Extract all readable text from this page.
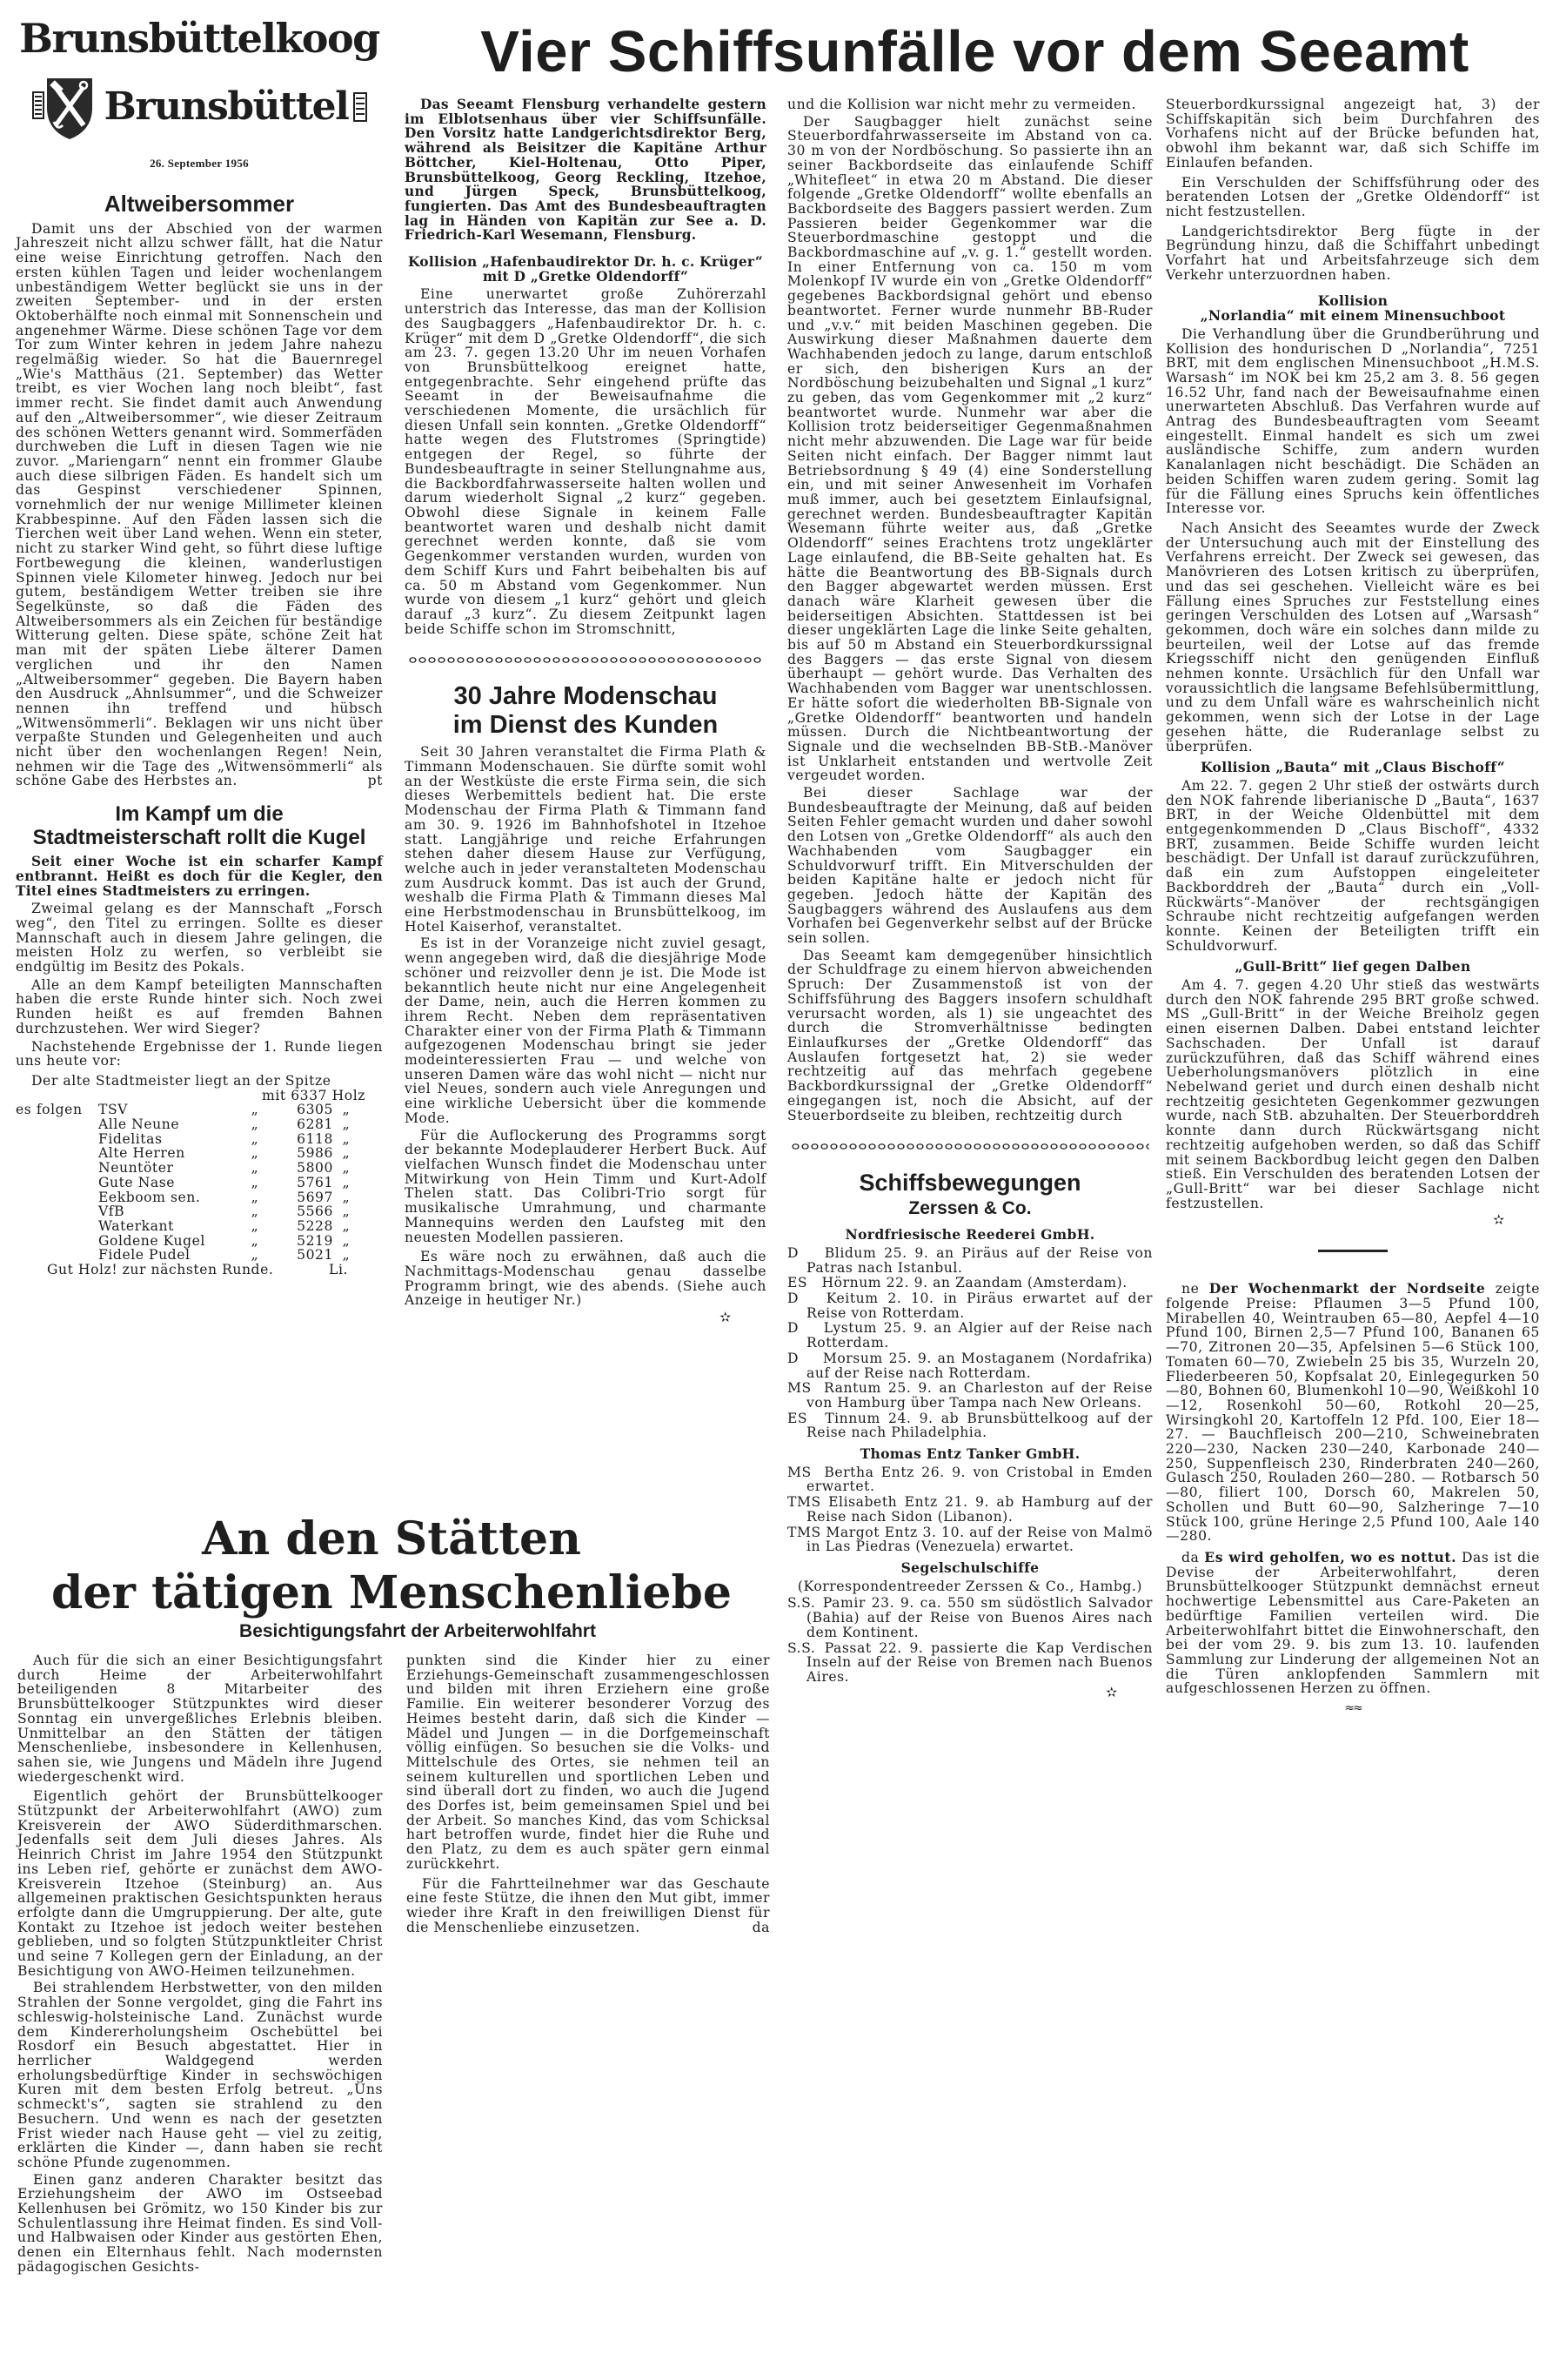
Vier Schiffsunfälle vor dem Seeamt
Brunsbüttelkoog
Brunsbüttel
26. September 1956
Altweibersommer

Damit uns der Abschied von der warmen Jahreszeit nicht allzu schwer fällt, hat die Natur eine weise Einrichtung getroffen. Nach den ersten kühlen Tagen und leider wochenlangem unbeständigem Wetter beglückt sie uns in der zweiten September- und in der ersten Oktoberhälfte noch einmal mit Sonnenschein und angenehmer Wärme. Diese schönen Tage vor dem Tor zum Winter kehren in jedem Jahre nahezu regelmäßig wieder. So hat die Bauernregel „Wie's Matthäus (21. September) das Wetter treibt, es vier Wochen lang noch bleibt“, fast immer recht. Sie findet damit auch Anwendung auf den „Altweibersommer“, wie dieser Zeitraum des schönen Wetters genannt wird. Sommerfäden durchweben die Luft in diesen Tagen wie nie zuvor. „Mariengarn“ nennt ein frommer Glaube auch diese silbrigen Fäden. Es handelt sich um das Gespinst verschiedener Spinnen, vornehmlich der nur wenige Millimeter kleinen Krabbespinne. Auf den Fäden lassen sich die Tierchen weit über Land wehen. Wenn ein steter, nicht zu starker Wind geht, so führt diese luftige Fortbewegung die kleinen, wanderlustigen Spinnen viele Kilometer hinweg. Jedoch nur bei gutem, beständigem Wetter treiben sie ihre Segelkünste, so daß die Fäden des Altweibersommers als ein Zeichen für beständige Witterung gelten. Diese späte, schöne Zeit hat man mit der späten Liebe älterer Damen verglichen und ihr den Namen „Altweibersommer“ gegeben. Die Bayern haben den Ausdruck „Ahnlsummer“, und die Schweizer nennen ihn treffend und hübsch „Witwensömmerli“. Beklagen wir uns nicht über verpaßte Stunden und Gelegenheiten und auch nicht über den wochenlangen Regen! Nein, nehmen wir die Tage des „Witwensömmerli“ als schöne Gabe des Herbstes an.	pt

Im Kampf um die Stadtmeisterschaft rollt die Kugel

Seit einer Woche ist ein scharfer Kampf entbrannt. Heißt es doch für die Kegler, den Titel eines Stadtmeisters zu erringen.

Zweimal gelang es der Mannschaft „Forsch weg“, den Titel zu erringen. Sollte es dieser Mannschaft auch in diesem Jahre gelingen, die meisten Holz zu werfen, so verbleibt sie endgültig im Besitz des Pokals.

Alle an dem Kampf beteiligten Mannschaften haben die erste Runde hinter sich. Noch zwei Runden heißt es auf fremden Bahnen durchzustehen. Wer wird Sieger?

Nachstehende Ergebnisse der 1. Runde liegen uns heute vor:

Der alte Stadtmeister liegt an der Spitze
mit 6337 Holz
es folgen	TSV	„	6305 „
Alle Neune	„	6281 „
Fidelitas	„	6118 „
Alte Herren	„	5986 „
Neuntöter	„	5800 „
Gute Nase	„	5761 „
Eekboom sen.	„	5697 „
VfB	„	5566 „
Waterkant	„	5228 „
Goldene Kugel	„	5219 „
Fidele Pudel	„	5021 „
Gut Holz! zur nächsten Runde.	Li.

Das Seeamt Flensburg verhandelte gestern im Elblotsenhaus über vier Schiffsunfälle. Den Vorsitz hatte Landgerichtsdirektor Berg, während als Beisitzer die Kapitäne Arthur Böttcher, Kiel-Holtenau, Otto Piper, Brunsbüttelkoog, Georg Reckling, Itzehoe, und Jürgen Speck, Brunsbüttelkoog, fungierten. Das Amt des Bundesbeauftragten lag in Händen von Kapitän zur See a. D. Friedrich-Karl Wesemann, Flensburg.

Kollision „Hafenbaudirektor Dr. h. c. Krüger“ mit D „Gretke Oldendorff“

Eine unerwartet große Zuhörerzahl unterstrich das Interesse, das man der Kollision des Saugbaggers „Hafenbaudirektor Dr. h. c. Krüger“ mit dem D „Gretke Oldendorff“, die sich am 23. 7. gegen 13.20 Uhr im neuen Vorhafen von Brunsbüttelkoog ereignet hatte, entgegenbrachte. Sehr eingehend prüfte das Seeamt in der Beweisaufnahme die verschiedenen Momente, die ursächlich für diesen Unfall sein konnten. „Gretke Oldendorff“ hatte wegen des Flutstromes (Springtide) entgegen der Regel, so führte der Bundesbeauftragte in seiner Stellungnahme aus, die Backbordfahrwasserseite halten wollen und darum wiederholt Signal „2 kurz“ gegeben. Obwohl diese Signale in keinem Falle beantwortet waren und deshalb nicht damit gerechnet werden konnte, daß sie vom Gegenkommer verstanden wurden, wurden von dem Schiff Kurs und Fahrt beibehalten bis auf ca. 50 m Abstand vom Gegenkommer. Nun wurde von diesem „1 kurz“ gehört und gleich darauf „3 kurz“. Zu diesem Zeitpunkt lagen beide Schiffe schon im Stromschnitt,

30 Jahre Modenschau
im Dienst des Kunden

Seit 30 Jahren veranstaltet die Firma Plath & Timmann Modenschauen. Sie dürfte somit wohl an der Westküste die erste Firma sein, die sich dieses Werbemittels bedient hat. Die erste Modenschau der Firma Plath & Timmann fand am 30. 9. 1926 im Bahnhofshotel in Itzehoe statt. Langjährige und reiche Erfahrungen stehen daher diesem Hause zur Verfügung, welche auch in jeder veranstalteten Modenschau zum Ausdruck kommt. Das ist auch der Grund, weshalb die Firma Plath & Timmann dieses Mal eine Herbstmodenschau in Brunsbüttelkoog, im Hotel Kaiserhof, veranstaltet.

Es ist in der Voranzeige nicht zuviel gesagt, wenn angegeben wird, daß die diesjährige Mode schöner und reizvoller denn je ist. Die Mode ist bekanntlich heute nicht nur eine Angelegenheit der Dame, nein, auch die Herren kommen zu ihrem Recht. Neben dem repräsentativen Charakter einer von der Firma Plath & Timmann aufgezogenen Modenschau bringt sie jeder modeinteressierten Frau — und welche von unseren Damen wäre das wohl nicht — nicht nur viel Neues, sondern auch viele Anregungen und eine wirkliche Uebersicht über die kommende Mode.

Für die Auflockerung des Programms sorgt der bekannte Modeplauderer Herbert Buck. Auf vielfachen Wunsch findet die Modenschau unter Mitwirkung von Hein Timm und Kurt-Adolf Thelen statt. Das Colibri-Trio sorgt für musikalische Umrahmung, und charmante Mannequins werden den Laufsteg mit den neuesten Modellen passieren.

Es wäre noch zu erwähnen, daß auch die Nachmittags-Modenschau genau dasselbe Programm bringt, wie des abends. (Siehe auch Anzeige in heutiger Nr.)

✫

und die Kollision war nicht mehr zu vermeiden.

Der Saugbagger hielt zunächst seine Steuerbordfahrwasserseite im Abstand von ca. 30 m von der Nordböschung. So passierte ihn an seiner Backbordseite das einlaufende Schiff „Whitefleet“ in etwa 20 m Abstand. Die dieser folgende „Gretke Oldendorff“ wollte ebenfalls an Backbordseite des Baggers passiert werden. Zum Passieren beider Gegenkommer war die Steuerbordmaschine gestoppt und die Backbordmaschine auf „v. g. 1.“ gestellt worden. In einer Entfernung von ca. 150 m vom Molenkopf IV wurde ein von „Gretke Oldendorff“ gegebenes Backbordsignal gehört und ebenso beantwortet. Ferner wurde nunmehr BB-Ruder und „v.v.“ mit beiden Maschinen gegeben. Die Auswirkung dieser Maßnahmen dauerte dem Wachhabenden jedoch zu lange, darum entschloß er sich, den bisherigen Kurs an der Nordböschung beizubehalten und Signal „1 kurz“ zu geben, das vom Gegenkommer mit „2 kurz“ beantwortet wurde. Nunmehr war aber die Kollision trotz beiderseitiger Gegenmaßnahmen nicht mehr abzuwenden. Die Lage war für beide Seiten nicht einfach. Der Bagger nimmt laut Betriebsordnung § 49 (4) eine Sonderstellung ein, und mit seiner Anwesenheit im Vorhafen muß immer, auch bei gesetztem Einlaufsignal, gerechnet werden. Bundesbeauftragter Kapitän Wesemann führte weiter aus, daß „Gretke Oldendorff“ seines Erachtens trotz ungeklärter Lage einlaufend, die BB-Seite gehalten hat. Es hätte die Beantwortung des BB-Signals durch den Bagger abgewartet werden müssen. Erst danach wäre Klarheit gewesen über die beiderseitigen Absichten. Stattdessen ist bei dieser ungeklärten Lage die linke Seite gehalten, bis auf 50 m Abstand ein Steuerbordkurssignal des Baggers — das erste Signal von diesem überhaupt — gehört wurde. Das Verhalten des Wachhabenden vom Bagger war unentschlossen. Er hätte sofort die wiederholten BB-Signale von „Gretke Oldendorff“ beantworten und handeln müssen. Durch die Nichtbeantwortung der Signale und die wechselnden BB-StB.-Manöver ist Unklarheit entstanden und wertvolle Zeit vergeudet worden.

Bei dieser Sachlage war der Bundesbeauftragte der Meinung, daß auf beiden Seiten Fehler gemacht wurden und daher sowohl den Lotsen von „Gretke Oldendorff“ als auch den Wachhabenden vom Saugbagger ein Schuldvorwurf trifft. Ein Mitverschulden der beiden Kapitäne halte er jedoch nicht für gegeben. Jedoch hätte der Kapitän des Saugbaggers während des Auslaufens aus dem Vorhafen bei Gegenverkehr selbst auf der Brücke sein sollen.

Das Seeamt kam demgegenüber hinsichtlich der Schuldfrage zu einem hiervon abweichenden Spruch: Der Zusammenstoß ist von der Schiffsführung des Baggers insofern schuldhaft verursacht worden, als 1) sie ungeachtet des durch die Stromverhältnisse bedingten Einlaufkurses der „Gretke Oldendorff“ das Auslaufen fortgesetzt hat, 2) sie weder rechtzeitig auf das mehrfach gegebene Backbordkurssignal der „Gretke Oldendorff“ eingegangen ist, noch die Absicht, auf der Steuerbordseite zu bleiben, rechtzeitig durch

Schiffsbewegungen
Zerssen & Co.

Nordfriesische Reederei GmbH.

D Blidum 25. 9. an Piräus auf der Reise von Patras nach Istanbul.

ES Hörnum 22. 9. an Zaandam (Amsterdam).

D Keitum 2. 10. in Piräus erwartet auf der Reise von Rotterdam.

D Lystum 25. 9. an Algier auf der Reise nach Rotterdam.

D Morsum 25. 9. an Mostaganem (Nordafrika) auf der Reise nach Rotterdam.

MS Rantum 25. 9. an Charleston auf der Reise von Hamburg über Tampa nach New Orleans.

ES Tinnum 24. 9. ab Brunsbüttelkoog auf der Reise nach Philadelphia.

Thomas Entz Tanker GmbH.

MS Bertha Entz 26. 9. von Cristobal in Emden erwartet.

TMS Elisabeth Entz 21. 9. ab Hamburg auf der Reise nach Sidon (Libanon).

TMS Margot Entz 3. 10. auf der Reise von Malmö in Las Piedras (Venezuela) erwartet.

Segelschulschiffe

(Korrespondentreeder Zerssen & Co., Hambg.)

S.S. Pamir 23. 9. ca. 550 sm südöstlich Salvador (Bahia) auf der Reise von Buenos Aires nach dem Kontinent.

S.S. Passat 22. 9. passierte die Kap Verdischen Inseln auf der Reise von Bremen nach Buenos Aires.

✫

Steuerbordkurssignal angezeigt hat, 3) der Schiffskapitän sich beim Durchfahren des Vorhafens nicht auf der Brücke befunden hat, obwohl ihm bekannt war, daß sich Schiffe im Einlaufen befanden.

Ein Verschulden der Schiffsführung oder des beratenden Lotsen der „Gretke Oldendorff“ ist nicht festzustellen.

Landgerichtsdirektor Berg fügte in der Begründung hinzu, daß die Schiffahrt unbedingt Vorfahrt hat und Arbeitsfahrzeuge sich dem Verkehr unterzuordnen haben.

Kollision
„Norlandia“ mit einem Minensuchboot

Die Verhandlung über die Grundberührung und Kollision des hondurischen D „Norlandia“, 7251 BRT, mit dem englischen Minensuchboot „H.M.S. Warsash“ im NOK bei km 25,2 am 3. 8. 56 gegen 16.52 Uhr, fand nach der Beweisaufnahme einen unerwarteten Abschluß. Das Verfahren wurde auf Antrag des Bundesbeauftragten vom Seeamt eingestellt. Einmal handelt es sich um zwei ausländische Schiffe, zum andern wurden Kanalanlagen nicht beschädigt. Die Schäden an beiden Schiffen waren zudem gering. Somit lag für die Fällung eines Spruchs kein öffentliches Interesse vor.

Nach Ansicht des Seeamtes wurde der Zweck der Untersuchung auch mit der Einstellung des Verfahrens erreicht. Der Zweck sei gewesen, das Manövrieren des Lotsen kritisch zu überprüfen, und das sei geschehen. Vielleicht wäre es bei Fällung eines Spruches zur Feststellung eines geringen Verschulden des Lotsen auf „Warsash“ gekommen, doch wäre ein solches dann milde zu beurteilen, weil der Lotse auf das fremde Kriegsschiff nicht den genügenden Einfluß nehmen konnte. Ursächlich für den Unfall war voraussichtlich die langsame Befehlsübermittlung, und zu dem Unfall wäre es wahrscheinlich nicht gekommen, wenn sich der Lotse in der Lage gesehen hätte, die Ruderanlage selbst zu überprüfen.

Kollision „Bauta“ mit „Claus Bischoff“

Am 22. 7. gegen 2 Uhr stieß der ostwärts durch den NOK fahrende liberianische D „Bauta“, 1637 BRT, in der Weiche Oldenbüttel mit dem entgegenkommenden D „Claus Bischoff“, 4332 BRT, zusammen. Beide Schiffe wurden leicht beschädigt. Der Unfall ist darauf zurückzuführen, daß ein zum Aufstoppen eingeleiteter Backborddreh der „Bauta“ durch ein „Voll-Rückwärts“-Manöver der rechtsgängigen Schraube nicht rechtzeitig aufgefangen werden konnte. Keinen der Beteiligten trifft ein Schuldvorwurf.

„Gull-Britt“ lief gegen Dalben

Am 4. 7. gegen 4.20 Uhr stieß das westwärts durch den NOK fahrende 295 BRT große schwed. MS „Gull-Britt“ in der Weiche Breiholz gegen einen eisernen Dalben. Dabei entstand leichter Sachschaden. Der Unfall ist darauf zurückzuführen, daß das Schiff während eines Ueberholungsmanövers plötzlich in eine Nebelwand geriet und durch einen deshalb nicht rechtzeitig gesichteten Gegenkommer gezwungen wurde, nach StB. abzuhalten. Der Steuerborddreh konnte dann durch Rückwärtsgang nicht rechtzeitig aufgehoben werden, so daß das Schiff mit seinem Backbordbug leicht gegen den Dalben stieß. Ein Verschulden des beratenden Lotsen der „Gull-Britt“ war bei dieser Sachlage nicht festzustellen.

✫

ne Der Wochenmarkt der Nordseite zeigte folgende Preise: Pflaumen 3—5 Pfund 100, Mirabellen 40, Weintrauben 65—80, Aepfel 4—10 Pfund 100, Birnen 2,5—7 Pfund 100, Bananen 65—70, Zitronen 20—35, Apfelsinen 5—6 Stück 100, Tomaten 60—70, Zwiebeln 25 bis 35, Wurzeln 20, Fliederbeeren 50, Kopfsalat 20, Einlegegurken 50—80, Bohnen 60, Blumenkohl 10—90, Weißkohl 10—12, Rosenkohl 50—60, Rotkohl 20—25, Wirsingkohl 20, Kartoffeln 12 Pfd. 100, Eier 18—27. — Bauchfleisch 200—210, Schweinebraten 220—230, Nacken 230—240, Karbonade 240—250, Suppenfleisch 230, Rinderbraten 240—260, Gulasch 250, Rouladen 260—280. — Rotbarsch 50—80, filiert 100, Dorsch 60, Makrelen 50, Schollen und Butt 60—90, Salzheringe 7—10 Stück 100, grüne Heringe 2,5 Pfund 100, Aale 140—280.

da Es wird geholfen, wo es nottut. Das ist die Devise der Arbeiterwohlfahrt, deren Brunsbüttelkooger Stützpunkt demnächst erneut hochwertige Lebensmittel aus Care-Paketen an bedürftige Familien verteilen wird. Die Arbeiterwohlfahrt bittet die Einwohnerschaft, den bei der vom 29. 9. bis zum 13. 10. laufenden Sammlung zur Linderung der allgemeinen Not an die Türen anklopfenden Sammlern mit aufgeschlossenen Herzen zu öffnen.

≈≈
An den Stätten
der tätigen Menschenliebe
Besichtigungsfahrt der Arbeiterwohlfahrt

Auch für die sich an einer Besichtigungsfahrt durch Heime der Arbeiterwohlfahrt beteiligenden 8 Mitarbeiter des Brunsbüttelkooger Stützpunktes wird dieser Sonntag ein unvergeßliches Erlebnis bleiben. Unmittelbar an den Stätten der tätigen Menschenliebe, insbesondere in Kellenhusen, sahen sie, wie Jungens und Mädeln ihre Jugend wiedergeschenkt wird.

Eigentlich gehört der Brunsbüttelkooger Stützpunkt der Arbeiterwohlfahrt (AWO) zum Kreisverein der AWO Süderdithmarschen. Jedenfalls seit dem Juli dieses Jahres. Als Heinrich Christ im Jahre 1954 den Stützpunkt ins Leben rief, gehörte er zunächst dem AWO-Kreisverein Itzehoe (Steinburg) an. Aus allgemeinen praktischen Gesichtspunkten heraus erfolgte dann die Umgruppierung. Der alte, gute Kontakt zu Itzehoe ist jedoch weiter bestehen geblieben, und so folgten Stützpunktleiter Christ und seine 7 Kollegen gern der Einladung, an der Besichtigung von AWO-Heimen teilzunehmen.

Bei strahlendem Herbstwetter, von den milden Strahlen der Sonne vergoldet, ging die Fahrt ins schleswig-holsteinische Land. Zunächst wurde dem Kindererholungsheim Oschebüttel bei Rosdorf ein Besuch abgestattet. Hier in herrlicher Waldgegend werden erholungsbedürftige Kinder in sechswöchigen Kuren mit dem besten Erfolg betreut. „Uns schmeckt's“, sagten sie strahlend zu den Besuchern. Und wenn es nach der gesetzten Frist wieder nach Hause geht — viel zu zeitig, erklärten die Kinder —, dann haben sie recht schöne Pfunde zugenommen.

Einen ganz anderen Charakter besitzt das Erziehungsheim der AWO im Ostseebad Kellenhusen bei Grömitz, wo 150 Kinder bis zur Schulentlassung ihre Heimat finden. Es sind Voll- und Halbwaisen oder Kinder aus gestörten Ehen, denen ein Elternhaus fehlt. Nach modernsten pädagogischen Gesichts-

punkten sind die Kinder hier zu einer Erziehungs-Gemeinschaft zusammengeschlossen und bilden mit ihren Erziehern eine große Familie. Ein weiterer besonderer Vorzug des Heimes besteht darin, daß sich die Kinder — Mädel und Jungen — in die Dorfgemeinschaft völlig einfügen. So besuchen sie die Volks- und Mittelschule des Ortes, sie nehmen teil an seinem kulturellen und sportlichen Leben und sind überall dort zu finden, wo auch die Jugend des Dorfes ist, beim gemeinsamen Spiel und bei der Arbeit. So manches Kind, das vom Schicksal hart betroffen wurde, findet hier die Ruhe und den Platz, zu dem es auch später gern einmal zurückkehrt.

Für die Fahrtteilnehmer war das Geschaute eine feste Stütze, die ihnen den Mut gibt, immer wieder ihre Kraft in den freiwilligen Dienst für die Menschenliebe einzusetzen.	da
